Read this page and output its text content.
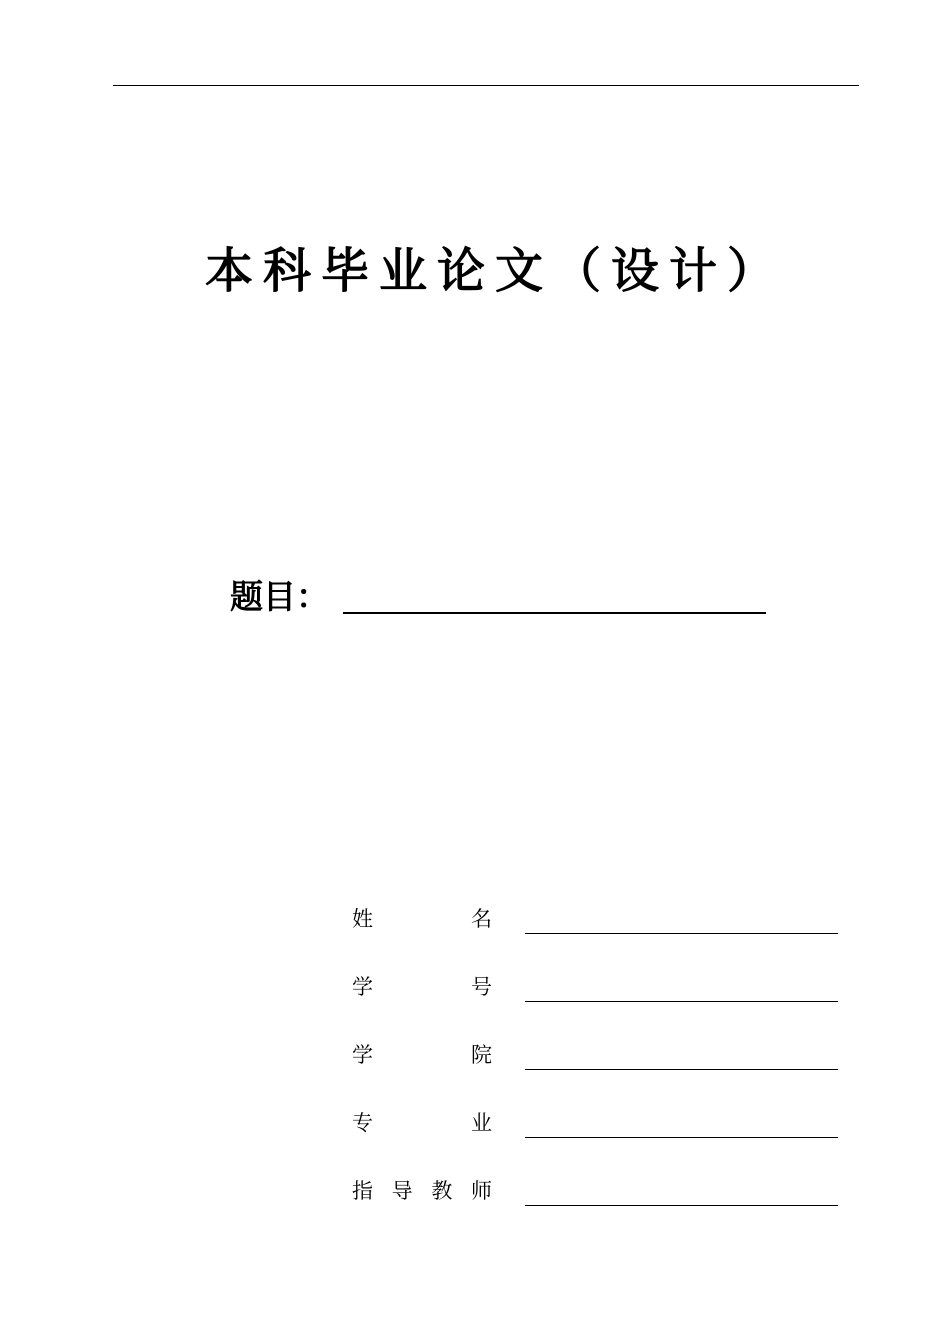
本科毕业论文（设计）
题目：
姓	名
学	号
学	院
专	业
指 导 教 师
